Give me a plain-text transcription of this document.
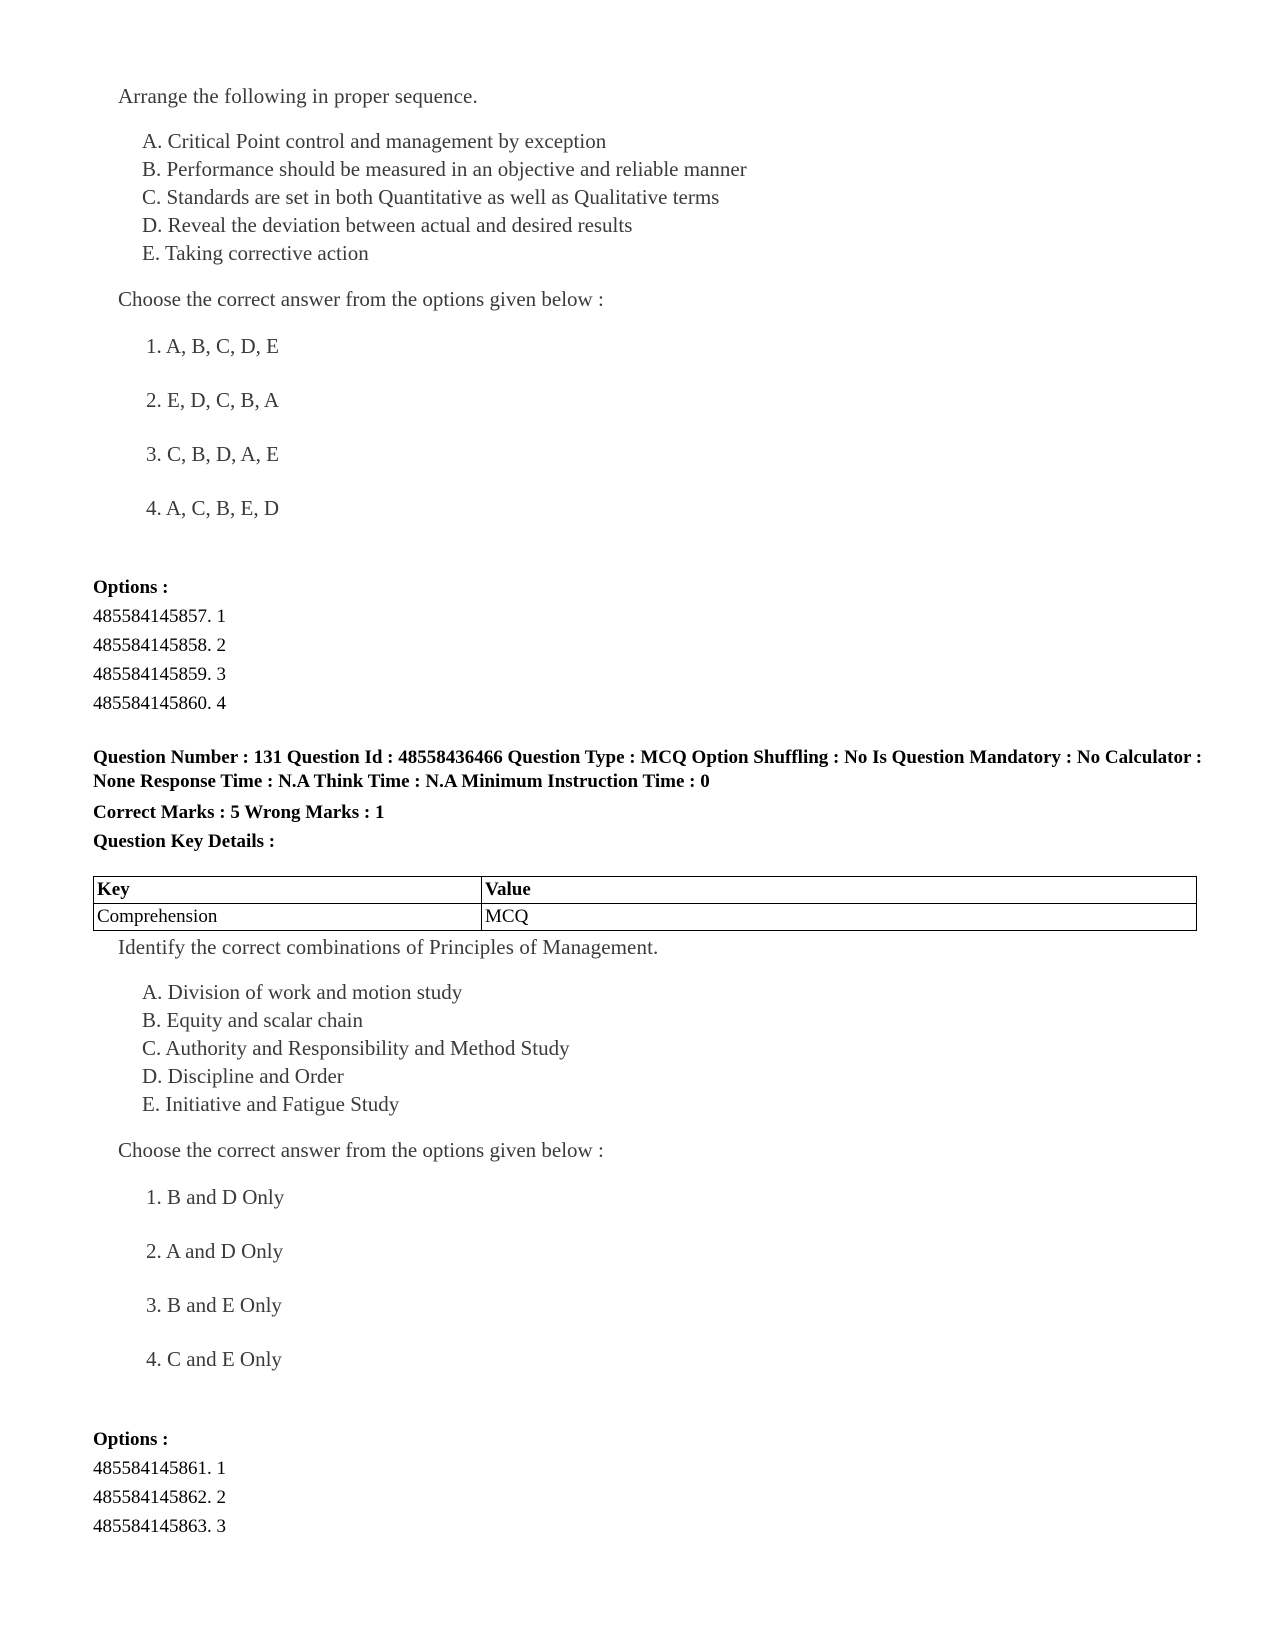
Arrange the following in proper sequence.
A. Critical Point control and management by exception
B. Performance should be measured in an objective and reliable manner
C. Standards are set in both Quantitative as well as Qualitative terms
D. Reveal the deviation between actual and desired results
E. Taking corrective action
Choose the correct answer from the options given below :
1. A, B, C, D, E
2. E, D, C, B, A
3. C, B, D, A, E
4. A, C, B, E, D
Options :
485584145857. 1
485584145858. 2
485584145859. 3
485584145860. 4
Question Number : 131 Question Id : 48558436466 Question Type : MCQ Option Shuffling : No Is Question Mandatory : No Calculator : None Response Time : N.A Think Time : N.A Minimum Instruction Time : 0
Correct Marks : 5 Wrong Marks : 1
Question Key Details :
Key	Value
Comprehension	MCQ
Identify the correct combinations of Principles of Management.
A. Division of work and motion study
B. Equity and scalar chain
C. Authority and Responsibility and Method Study
D. Discipline and Order
E. Initiative and Fatigue Study
Choose the correct answer from the options given below :
1. B and D Only
2. A and D Only
3. B and E Only
4. C and E Only
Options :
485584145861. 1
485584145862. 2
485584145863. 3
